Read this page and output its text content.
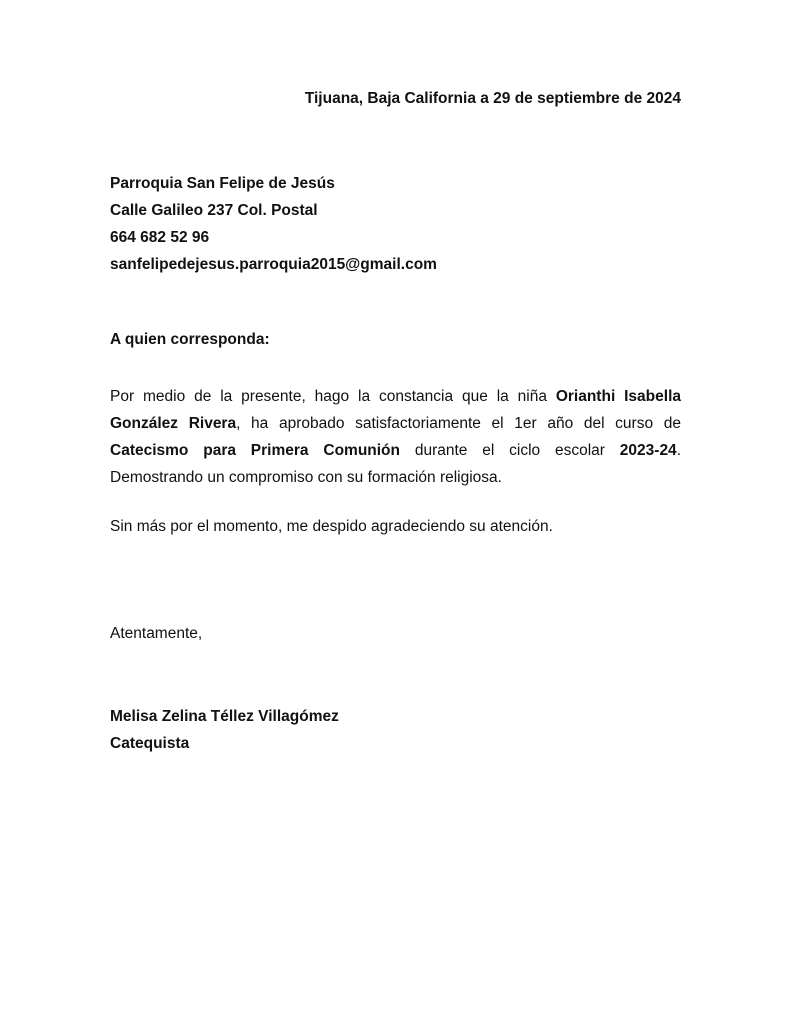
Tijuana, Baja California a 29 de septiembre de 2024
Parroquia San Felipe de Jesús
Calle Galileo 237 Col. Postal
664 682 52 96
sanfelipedejesus.parroquia2015@gmail.com
A quien corresponda:
Por medio de la presente, hago la constancia que la niña Orianthi Isabella González Rivera, ha aprobado satisfactoriamente el 1er año del curso de Catecismo para Primera Comunión durante el ciclo escolar 2023-24. Demostrando un compromiso con su formación religiosa.
Sin más por el momento, me despido agradeciendo su atención.
Atentamente,
Melisa Zelina Téllez Villagómez
Catequista
